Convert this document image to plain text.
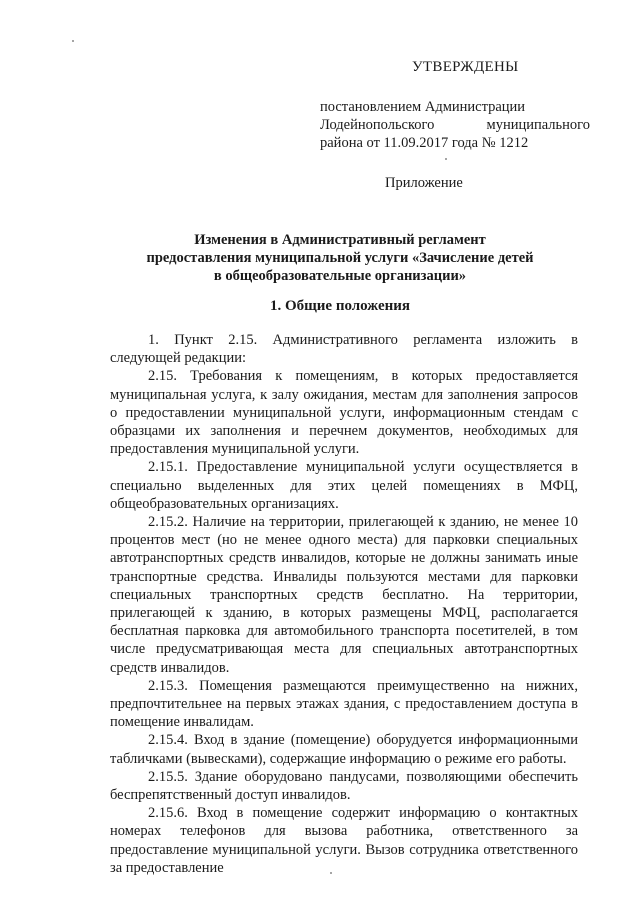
УТВЕРЖДЕНЫ
постановлением Администрации
Лодейнопольского	муниципального
района от 11.09.2017 года № 1212
Приложение
Изменения в Административный регламент
предоставления муниципальной услуги «Зачисление детей
в общеобразовательные организации»
1. Общие положения

1. Пункт 2.15. Административного регламента изложить в следующей редакции:

2.15. Требования к помещениям, в которых предоставляется муниципальная услуга, к залу ожидания, местам для заполнения запросов о предоставлении муниципальной услуги, информационным стендам с образцами их заполнения и перечнем документов, необходимых для предоставления муниципальной услуги.

2.15.1. Предоставление муниципальной услуги осуществляется в специально выделенных для этих целей помещениях в МФЦ, общеобразовательных организациях.

2.15.2. Наличие на территории, прилегающей к зданию, не менее 10 процентов мест (но не менее одного места) для парковки специальных автотранспортных средств инвалидов, которые не должны занимать иные транспортные средства. Инвалиды пользуются местами для парковки специальных транспортных средств бесплатно. На территории, прилегающей к зданию, в которых размещены МФЦ, располагается бесплатная парковка для автомобильного транспорта посетителей, в том числе предусматривающая места для специальных автотранспортных средств инвалидов.

2.15.3. Помещения размещаются преимущественно на нижних, предпочтительнее на первых этажах здания, с предоставлением доступа в помещение инвалидам.

2.15.4. Вход в здание (помещение) оборудуется информационными табличками (вывесками), содержащие информацию о режиме его работы.

2.15.5. Здание оборудовано пандусами, позволяющими обеспечить беспрепятственный доступ инвалидов.

2.15.6. Вход в помещение содержит информацию о контактных номерах телефонов для вызова работника, ответственного за предоставление муниципальной услуги. Вызов сотрудника ответственного за предоставление
